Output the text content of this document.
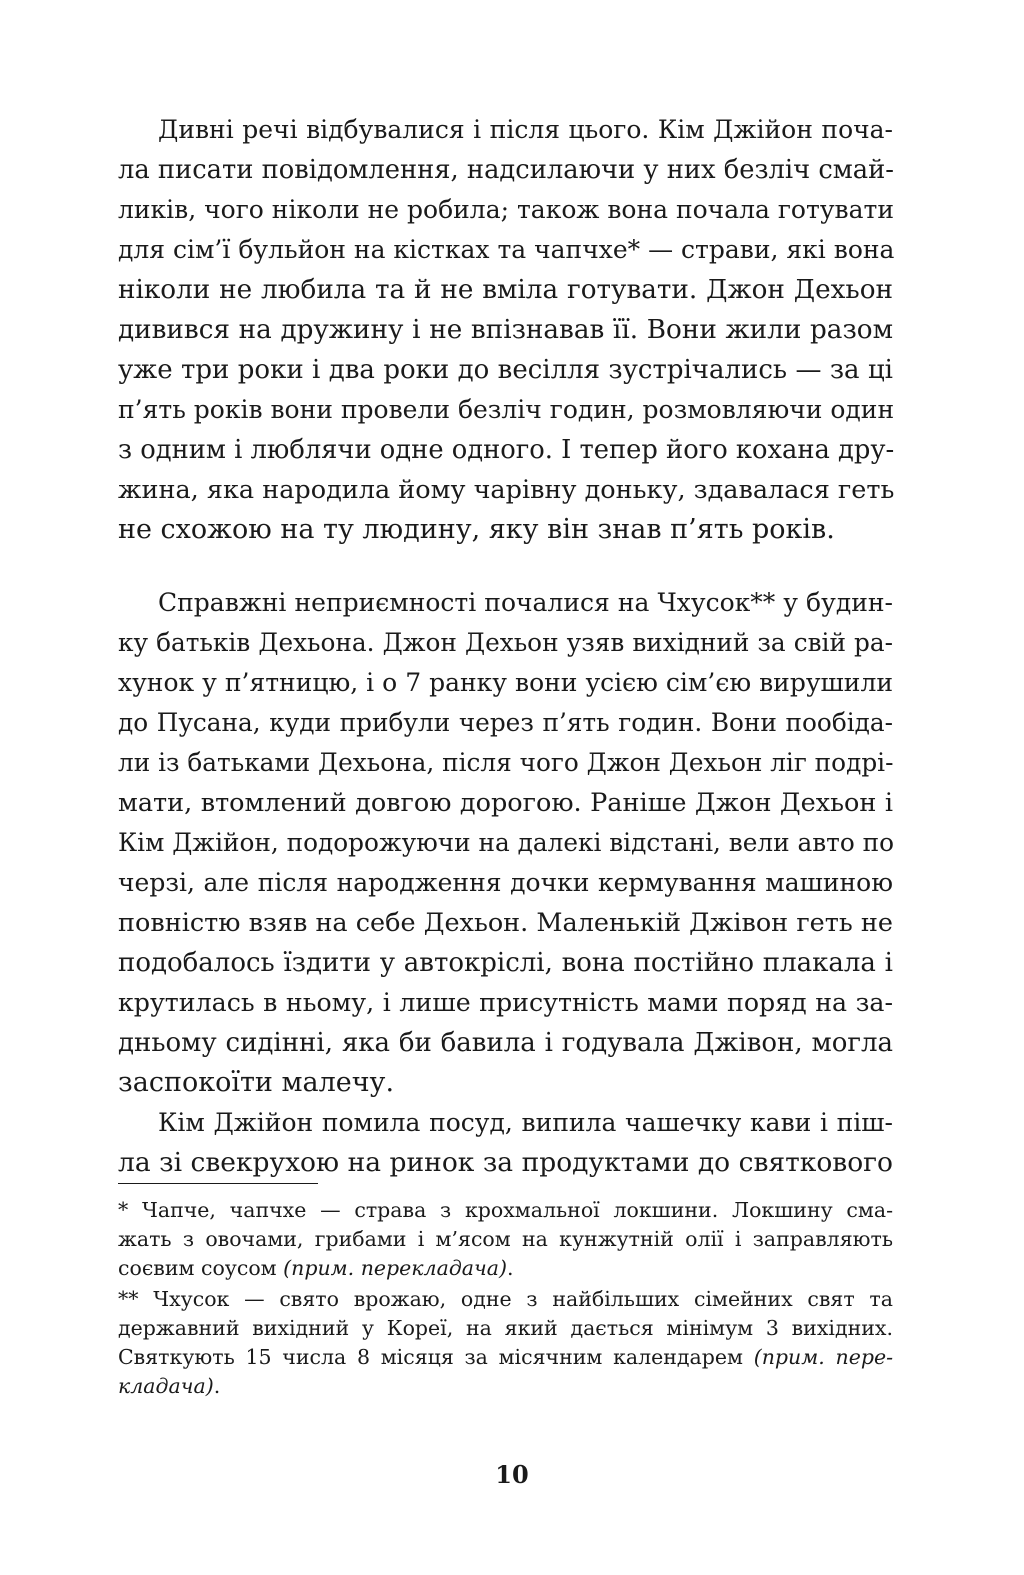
Дивні речі відбувалися і після цього. Кім Джійон поча-
ла писати повідомлення, надсилаючи у них безліч смай-
ликів, чого ніколи не робила; також вона почала готувати
для сім’ї бульйон на кістках та чапчхе* — страви, які вона
ніколи не любила та й не вміла готувати. Джон Дехьон
дивився на дружину і не впізнавав її. Вони жили разом
уже три роки і два роки до весілля зустрічались — за ці
п’ять років вони провели безліч годин, розмовляючи один
з одним і люблячи одне одного. І тепер його кохана дру-
жина, яка народила йому чарівну доньку, здавалася геть
не схожою на ту людину, яку він знав п’ять років.
Справжні неприємності почалися на Чхусок** у будин-
ку батьків Дехьона. Джон Дехьон узяв вихідний за свій ра-
хунок у п’ятницю, і о 7 ранку вони усією сім’єю вирушили
до Пусана, куди прибули через п’ять годин. Вони пообіда-
ли із батьками Дехьона, після чого Джон Дехьон ліг подрі-
мати, втомлений довгою дорогою. Раніше Джон Дехьон і
Кім Джійон, подорожуючи на далекі відстані, вели авто по
черзі, але після народження дочки кермування машиною
повністю взяв на себе Дехьон. Маленькій Джівон геть не
подобалось їздити у автокріслі, вона постійно плакала і
крутилась в ньому, і лише присутність мами поряд на за-
дньому сидінні, яка би бавила і годувала Джівон, могла
заспокоїти малечу.
Кім Джійон помила посуд, випила чашечку кави і піш-
ла зі свекрухою на ринок за продуктами до святкового
* Чапче, чапчхе — страва з крохмальної локшини. Локшину сма-
жать з овочами, грибами і м’ясом на кунжутній олії і заправляють
соєвим соусом (прим. перекладача).
** Чхусок — свято врожаю, одне з найбільших сімейних свят та
державний вихідний у Кореї, на який дається мінімум 3 вихідних.
Святкують 15 числа 8 місяця за місячним календарем (прим. пере-
кладача).
10
